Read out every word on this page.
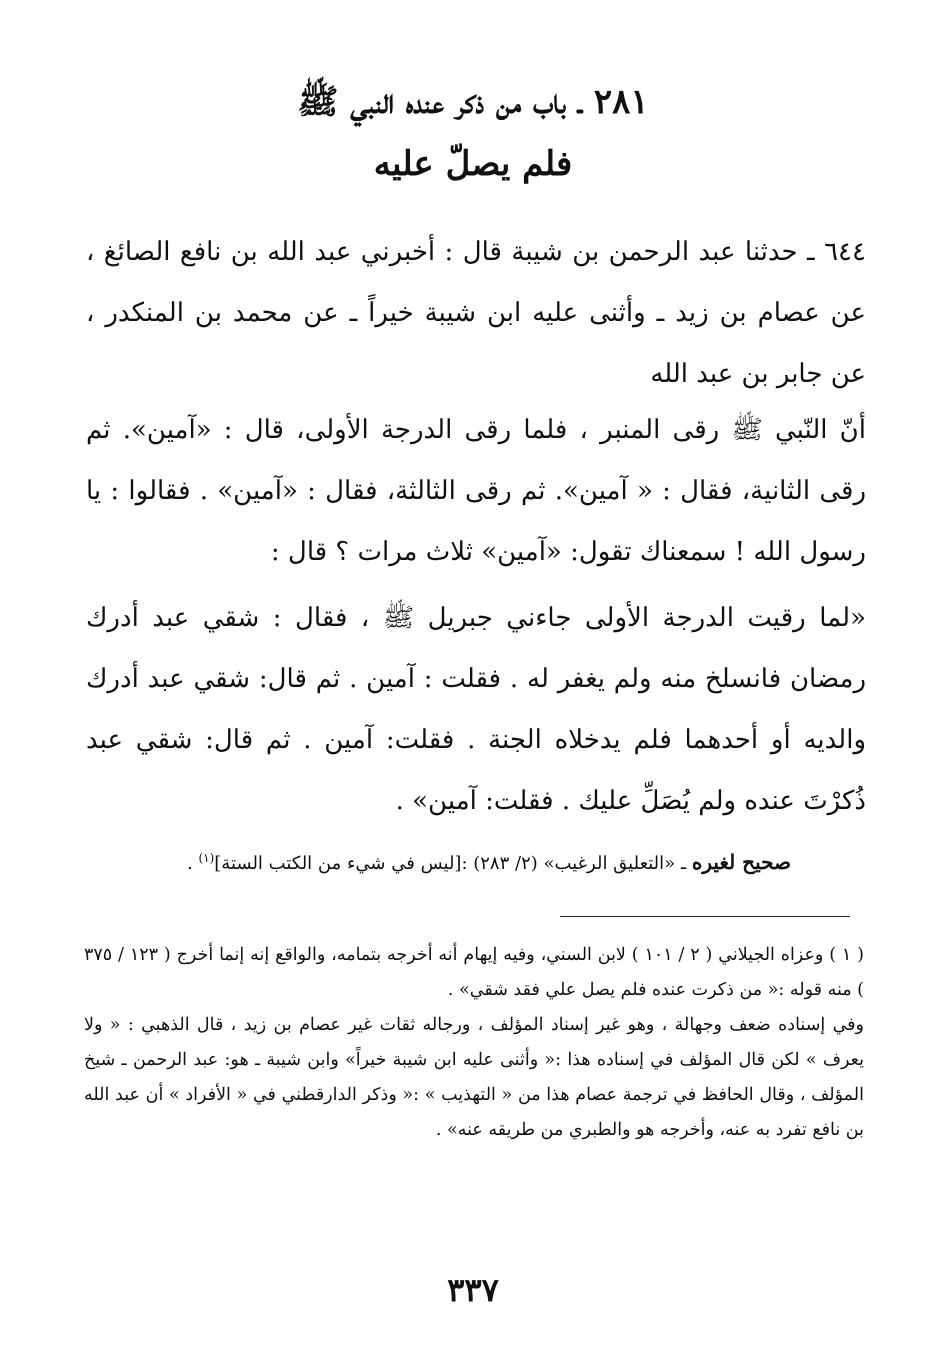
٢٨١ ـ باب من ذكر عنده النبي ﷺ
فلم يصلّ عليه
٦٤٤ ـ حدثنا عبد الرحمن بن شيبة قال : أخبرني عبد الله بن نافع الصائغ ، عن عصام بن زيد ـ وأثنى عليه ابن شيبة خيراً ـ عن محمد بن المنكدر ، عن جابر بن عبد الله
أنّ النّبي ﷺ رقى المنبر ، فلما رقى الدرجة الأولى، قال : «آمين». ثم رقى الثانية، فقال : « آمين». ثم رقى الثالثة، فقال : «آمين» . فقالوا : يا رسول الله ! سمعناك تقول: «آمين» ثلاث مرات ؟ قال :
«لما رقيت الدرجة الأولى جاءني جبريل ﷺ ، فقال : شقي عبد أدرك رمضان فانسلخ منه ولم يغفر له . فقلت : آمين . ثم قال: شقي عبد أدرك والديه أو أحدهما فلم يدخلاه الجنة . فقلت: آمين . ثم قال: شقي عبد ذُكرْتَ عنده ولم يُصَلِّ عليك . فقلت: آمين» .
صحيح لغيره ـ «التعليق الرغيب» (٢/ ٢٨٣) :[ليس في شيء من الكتب الستة]$^{(١)}$ .

( ١ ) وعزاه الجيلاني ( ٢ / ١٠١ ) لابن السني، وفيه إيهام أنه أخرجه بتمامه، والواقع إنه إنما أخرج ( ١٢٣ / ٣٧٥ ) منه قوله :« من ذكرت عنده فلم يصل علي فقد شقي» .

وفي إسناده ضعف وجهالة ، وهو غير إسناد المؤلف ، ورجاله ثقات غير عصام بن زيد ، قال الذهبي : « ولا يعرف » لكن قال المؤلف في إسناده هذا :« وأثنى عليه ابن شيبة خيراً» وابن شيبة ـ هو: عبد الرحمن ـ شيخ المؤلف ، وقال الحافظ في ترجمة عصام هذا من « التهذيب » :« وذكر الدارقطني في « الأفراد » أن عبد الله بن نافع تفرد به عنه، وأخرجه هو والطبري من طريقه عنه» .

٣٣٧
